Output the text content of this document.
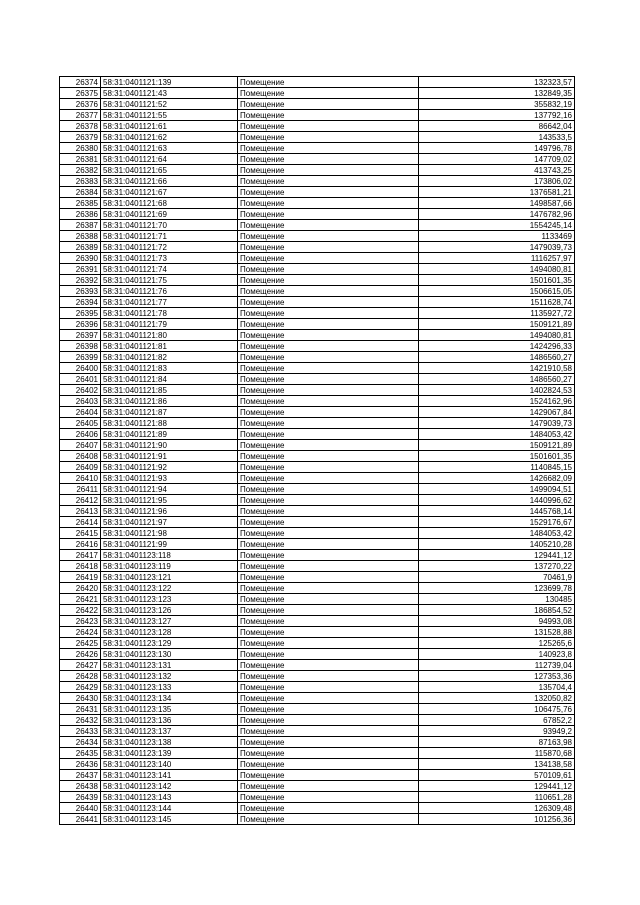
26374	58:31:0401121:139	Помещение	132323,57
26375	58:31:0401121:43	Помещение	132849,35
26376	58:31:0401121:52	Помещение	355832,19
26377	58:31:0401121:55	Помещение	137792,16
26378	58:31:0401121:61	Помещение	86642,04
26379	58:31:0401121:62	Помещение	143533,5
26380	58:31:0401121:63	Помещение	149796,78
26381	58:31:0401121:64	Помещение	147709,02
26382	58:31:0401121:65	Помещение	413743,25
26383	58:31:0401121:66	Помещение	173806,02
26384	58:31:0401121:67	Помещение	1376581,21
26385	58:31:0401121:68	Помещение	1498587,66
26386	58:31:0401121:69	Помещение	1476782,96
26387	58:31:0401121:70	Помещение	1554245,14
26388	58:31:0401121:71	Помещение	1133469
26389	58:31:0401121:72	Помещение	1479039,73
26390	58:31:0401121:73	Помещение	1116257,97
26391	58:31:0401121:74	Помещение	1494080,81
26392	58:31:0401121:75	Помещение	1501601,35
26393	58:31:0401121:76	Помещение	1506615,05
26394	58:31:0401121:77	Помещение	1511628,74
26395	58:31:0401121:78	Помещение	1135927,72
26396	58:31:0401121:79	Помещение	1509121,89
26397	58:31:0401121:80	Помещение	1494080,81
26398	58:31:0401121:81	Помещение	1424296,33
26399	58:31:0401121:82	Помещение	1486560,27
26400	58:31:0401121:83	Помещение	1421910,58
26401	58:31:0401121:84	Помещение	1486560,27
26402	58:31:0401121:85	Помещение	1402824,53
26403	58:31:0401121:86	Помещение	1524162,96
26404	58:31:0401121:87	Помещение	1429067,84
26405	58:31:0401121:88	Помещение	1479039,73
26406	58:31:0401121:89	Помещение	1484053,42
26407	58:31:0401121:90	Помещение	1509121,89
26408	58:31:0401121:91	Помещение	1501601,35
26409	58:31:0401121:92	Помещение	1140845,15
26410	58:31:0401121:93	Помещение	1426682,09
26411	58:31:0401121:94	Помещение	1499094,51
26412	58:31:0401121:95	Помещение	1440996,62
26413	58:31:0401121:96	Помещение	1445768,14
26414	58:31:0401121:97	Помещение	1529176,67
26415	58:31:0401121:98	Помещение	1484053,42
26416	58:31:0401121:99	Помещение	1405210,28
26417	58:31:0401123:118	Помещение	129441,12
26418	58:31:0401123:119	Помещение	137270,22
26419	58:31:0401123:121	Помещение	70461,9
26420	58:31:0401123:122	Помещение	123699,78
26421	58:31:0401123:123	Помещение	130485
26422	58:31:0401123:126	Помещение	186854,52
26423	58:31:0401123:127	Помещение	94993,08
26424	58:31:0401123:128	Помещение	131528,88
26425	58:31:0401123:129	Помещение	125265,6
26426	58:31:0401123:130	Помещение	140923,8
26427	58:31:0401123:131	Помещение	112739,04
26428	58:31:0401123:132	Помещение	127353,36
26429	58:31:0401123:133	Помещение	135704,4
26430	58:31:0401123:134	Помещение	132050,82
26431	58:31:0401123:135	Помещение	106475,76
26432	58:31:0401123:136	Помещение	67852,2
26433	58:31:0401123:137	Помещение	93949,2
26434	58:31:0401123:138	Помещение	87163,98
26435	58:31:0401123:139	Помещение	115870,68
26436	58:31:0401123:140	Помещение	134138,58
26437	58:31:0401123:141	Помещение	570109,61
26438	58:31:0401123:142	Помещение	129441,12
26439	58:31:0401123:143	Помещение	110651,28
26440	58:31:0401123:144	Помещение	126309,48
26441	58:31:0401123:145	Помещение	101256,36
